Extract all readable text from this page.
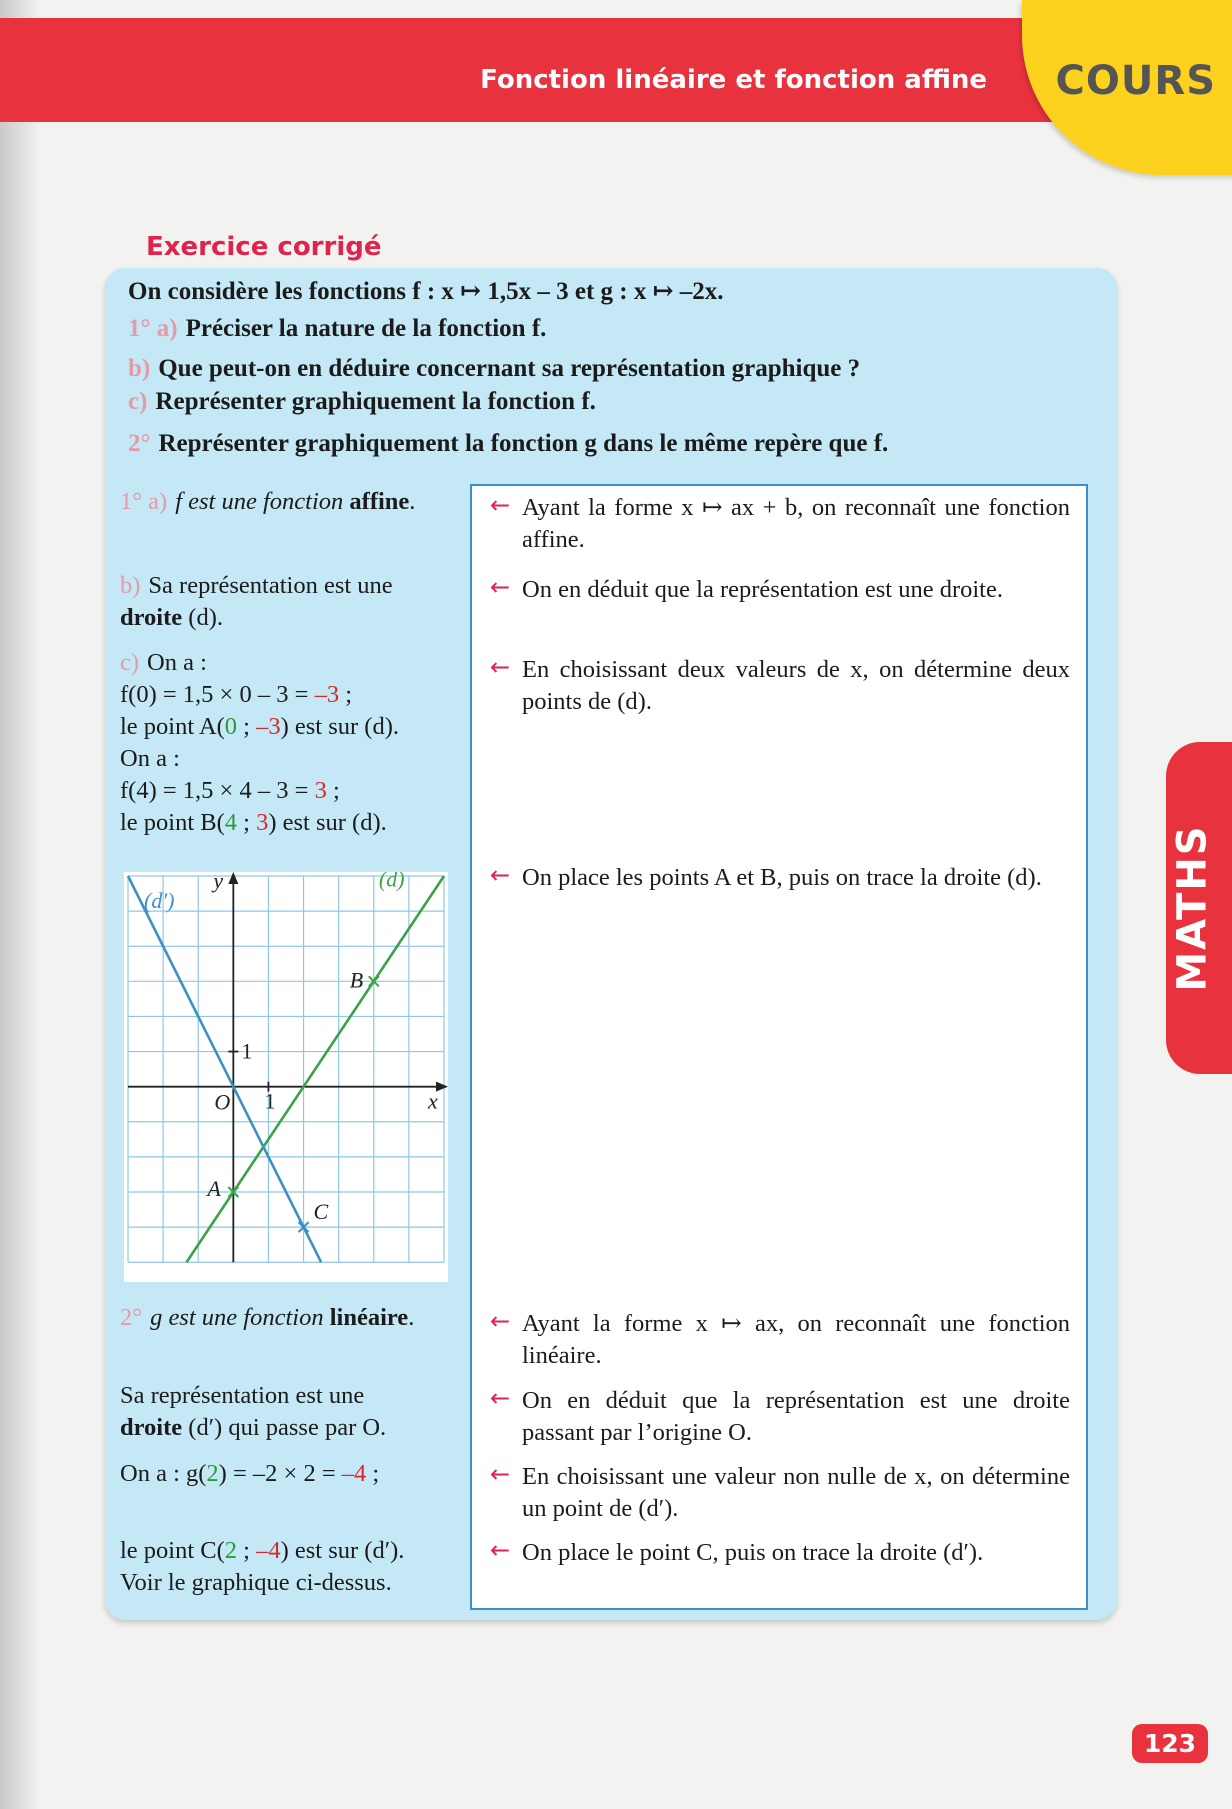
Fonction linéaire et fonction affine COURS
MATHS
123
Exercice corrigé
On considère les fonctions f : x ↦ 1,5x – 3 et g : x ↦ –2x.
1° a) Préciser la nature de la fonction f.
b) Que peut-on en déduire concernant sa représentation graphique ?
c) Représenter graphiquement la fonction f.
2° Représenter graphiquement la fonction g dans le même repère que f.
1° a) f est une fonction affine.
b) Sa représentation est une
droite (d).
c) On a :
f(0) = 1,5 × 0 – 3 = –3 ;
le point A(0 ; –3) est sur (d).
On a :
f(4) = 1,5 × 4 – 3 = 3 ;
le point B(4 ; 3) est sur (d).
O 1
1
x
y
B
A
C
(d)
(d′)
2° g est une fonction linéaire.
Sa représentation est une
droite (d′) qui passe par O.
On a : g(2) = –2 × 2 = –4 ;
le point C(2 ; –4) est sur (d′).
Voir le graphique ci-dessus.
← Ayant la forme x ↦ ax + b, on reconnaît une fonction affine.
← On en déduit que la représentation est une droite.
← En choisissant deux valeurs de x, on détermine deux points de (d).
← On place les points A et B, puis on trace la droite (d).
← Ayant la forme x ↦ ax, on reconnaît une fonction linéaire.
← On en déduit que la représentation est une droite passant par l’origine O.
← En choisissant une valeur non nulle de x, on détermine un point de (d′).
← On place le point C, puis on trace la droite (d′).
